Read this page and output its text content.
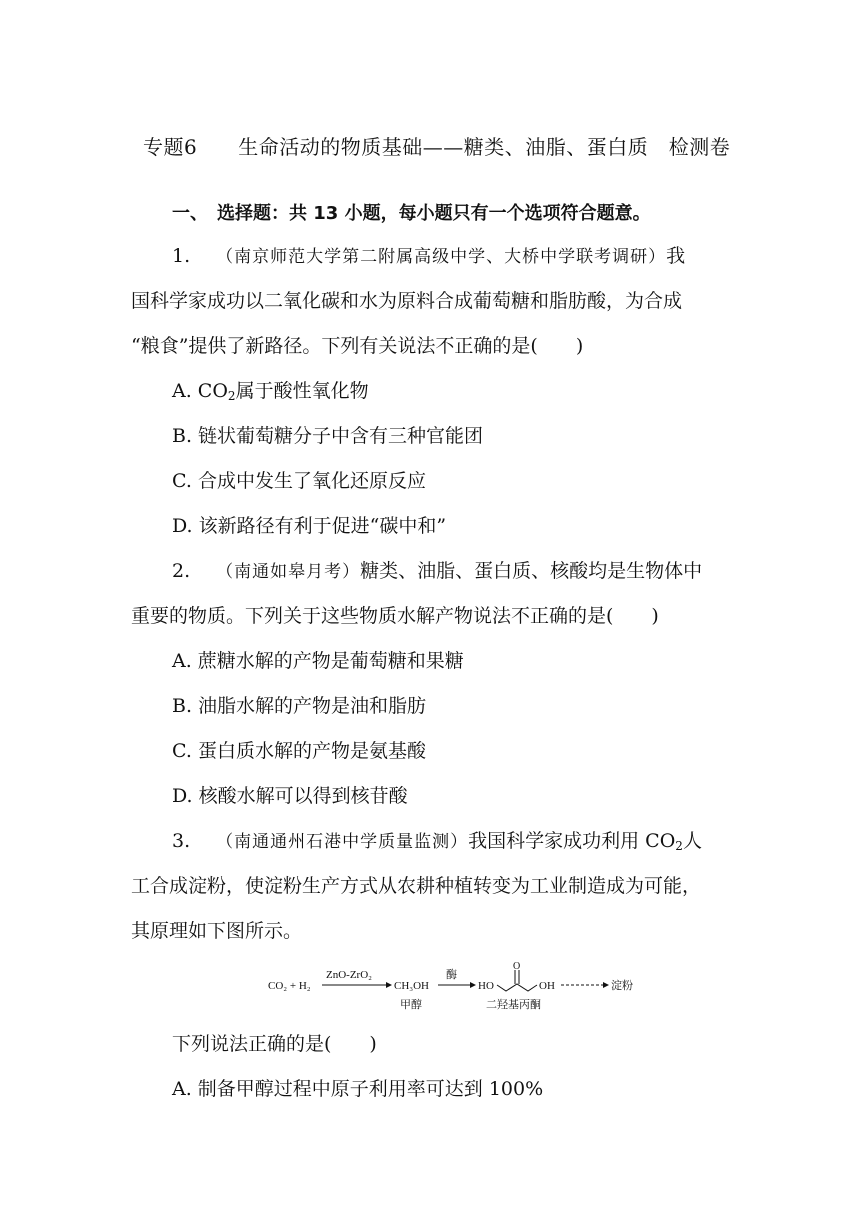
专题6　　生命活动的物质基础——糖类、油脂、蛋白质　检测卷
一、　选择题：共 13 小题，每小题只有一个选项符合题意。
1. （南京师范大学第二附属高级中学、大桥中学联考调研）我
国科学家成功以二氧化碳和水为原料合成葡萄糖和脂肪酸，为合成
“粮食”提供了新路径。下列有关说法不正确的是(　　)
A. $CO_2$属于酸性氧化物
B. 链状葡萄糖分子中含有三种官能团
C. 合成中发生了氧化还原反应
D. 该新路径有利于促进“碳中和”
2. （南通如皋月考）糖类、油脂、蛋白质、核酸均是生物体中
重要的物质。下列关于这些物质水解产物说法不正确的是(　　)
A. 蔗糖水解的产物是葡萄糖和果糖
B. 油脂水解的产物是油和脂肪
C. 蛋白质水解的产物是氨基酸
D. 核酸水解可以得到核苷酸
3. （南通通州石港中学质量监测）我国科学家成功利用 $CO_2$人
工合成淀粉，使淀粉生产方式从农耕种植转变为工业制造成为可能，
其原理如下图所示。
CO₂ + H₂
ZnO-ZrO₂
CH₃OH
甲醇
酶
HO
O
OH	淀粉
二羟基丙酮
下列说法正确的是(　　)
A. 制备甲醇过程中原子利用率可达到 100%
